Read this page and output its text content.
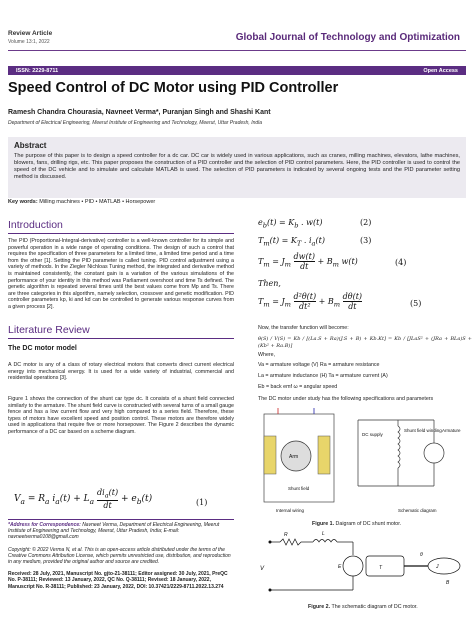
Review Article
Volume 13:1, 2022	Global Journal of Technology and Optimization
ISSN: 2229-8711	Open Access
Speed Control of DC Motor using PID Controller
Ramesh Chandra Chourasia, Navneet Verma*, Puranjan Singh and Shashi Kant
Department of Electrical Engineering, Meerut Institute of Engineering and Technology, Meerut, Uttar Pradesh, India
Abstract
The purpose of this paper is to design a speed controller for a dc car. DC car is widely used in various applications, such as cranes, milling machines, elevators, lathe machines, blowers, fans, drilling rigs, etc. This paper proposes the construction of a PID controller and the selection of PID control parameters. Here, the PID controller is used to control the speed of the DC vehicle and to simulate and calculate MATLAB is used. The selection of PID parameters is indicated by several ongoing tests and the PID parameter setting method is discussed.
Key words: Milling machines • PID • MATLAB • Horsepower
Introduction
The PID (Proportional-Integral-derivative) controller is a well-known controller for its simple and powerful operation in a wide range of operating conditions. The design of such a control that requires the specification of three parameters for a limited time, a limited time period and a time from the other [1]. Setting the PID parameter is called tuning. PID control adjustment using a variety of methods. In the Ziegler Nichloas Tuning method, the integrated and derivative method is maintained consistently, the constant gain is a variation of the various simulations of the performance of your identity in this method was Parliament overshoot and time Ts defined. The genetic algorithm is repeated several times until the best values come from Mp and Ts. There are three categories in this algorithm, namely selection, crossover and genetic modification. PID controller parameters kp, ki and kd can be controlled to generate various response curves from a given process [2].
Literature Review
The DC motor model
A DC motor is any of a class of rotary electrical motors that converts direct current electrical energy into mechanical energy. It is used for a wide variety of industrial, commercial and residential operations [3].
Figure 1 shows the connection of the shunt car type dc. It consists of a shunt field connected similarly to the armature. The shunt field curve is constructed with several turns of a small gauge fence and has a low current flow and very high compared to a series field. Therefore, these types of motors have excellent speed and position control. These motors are therefore widely used in applications that require five or more horsepower. The Figure 2 describes the dynamic performance of a DC car based on a scheme diagram.
$V_a = R_a$ $i_a(t) + L_a$
$di_a(t)$
dt
+ $e_b(t)$	(1)
*Address for Correspondence: Navneet Verma, Department of Electrical Engineering, Meerut Institute of Engineering and Technology, Meerut, Uttar Pradesh, India; E-mail: navneetverma0108@gmail.com
Copyright: © 2022 Verma N, et al. This is an open-access article distributed under the terms of the Creative Commons Attribution License, which permits unrestricted use, distribution, and reproduction in any medium, provided the original author and source are credited.
Received: 28 July, 2021, Manuscript No. gjto-21-38111; Editor assigned: 30 July, 2021, PreQC No. P-38111; Reviewed: 13 January, 2022, QC No. Q-38111; Revised: 18 January, 2022, Manuscript No. R-38111; Published: 23 January, 2022, DOI: 10.37421/2229-8711.2022.13.274
$e_b(t) = K_b$ . w(t)	(2)
$T_m(t) = K_T$ . $i_a(t)$	(3)
$T_m = J_m \frac{dw(t)}{dt} + B_m$ w(t)	(4)
Then,
$T_m = J_m \frac{\text{d²θ(t)}}{\text{dt²}} + B_m \frac{d\theta(t)}{dt}$	(5)
Now, the transfer function will become:
θ(S) / V(S) = Kb / [(La.S + Ra)(J.S + B) + Kb.Kt] = Kb / [JLaS² + (JRa + BLa)S + (Kb² + Ra.B)]
Where,
Va = armature voltage (V) Ra = armature resistance
La = armature inductance (H) Ta = armature current (A)
Eb = back emf ω = angular speed
The DC motor under study has the following specifications and parameters
Arm
Shunt field
Internal wiring
DC supply
Shunt field winding Armature
Schematic diagram
Figure 1. Daigram of DC shunt motor.
V
R	L
E	T	J
θ
B
Figure 2. The schematic diagram of DC motor.
